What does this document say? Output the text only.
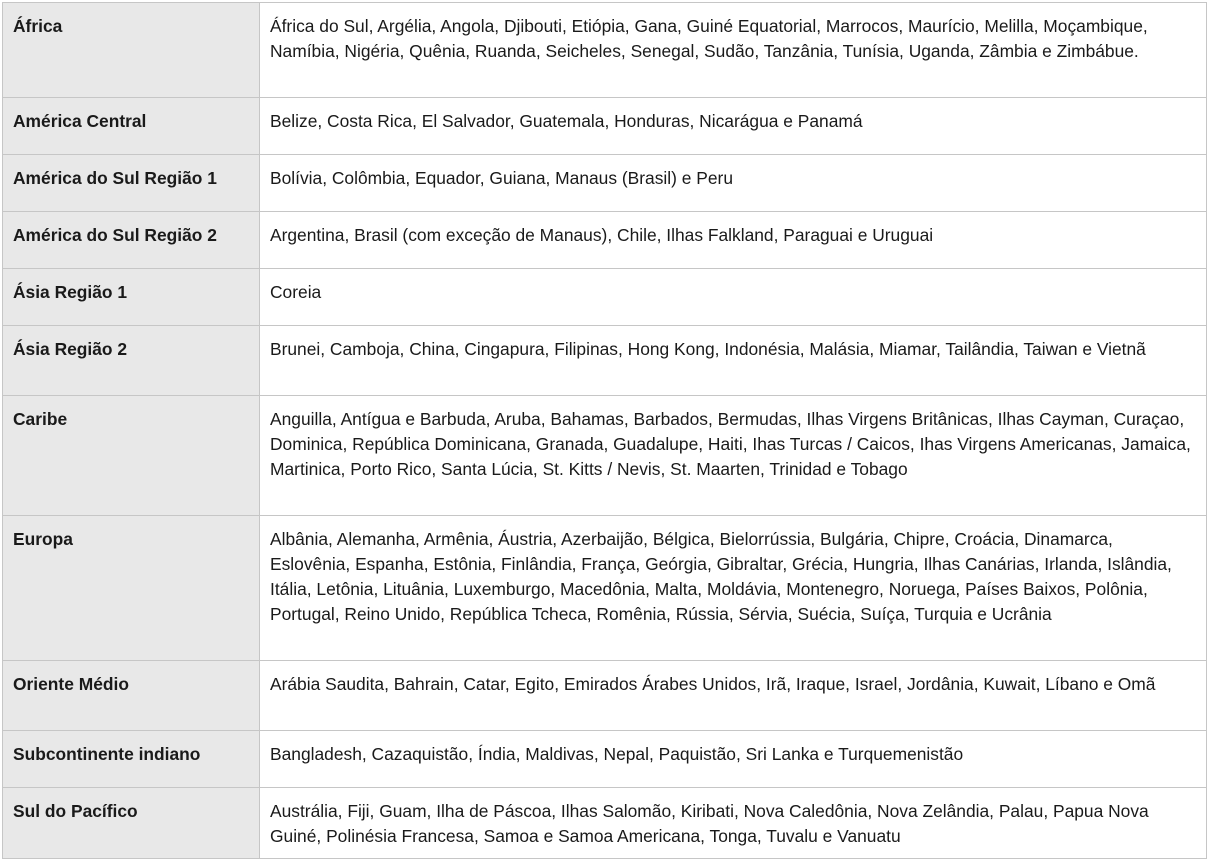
África	África do Sul, Argélia, Angola, Djibouti, Etiópia, Gana, Guiné Equatorial, Marrocos, Maurício, Melilla, Moçambique, Namíbia, Nigéria, Quênia, Ruanda, Seicheles, Senegal, Sudão, Tanzânia, Tunísia, Uganda, Zâmbia e Zimbábue.
América Central	Belize, Costa Rica, El Salvador, Guatemala, Honduras, Nicarágua e Panamá
América do Sul Região 1	Bolívia, Colômbia, Equador, Guiana, Manaus (Brasil) e Peru
América do Sul Região 2	Argentina, Brasil (com exceção de Manaus), Chile, Ilhas Falkland, Paraguai e Uruguai
Ásia Região 1	Coreia
Ásia Região 2	Brunei, Camboja, China, Cingapura, Filipinas, Hong Kong, Indonésia, Malásia, Miamar, Tailândia, Taiwan e Vietnã
Caribe	Anguilla, Antígua e Barbuda, Aruba, Bahamas, Barbados, Bermudas, Ilhas Virgens Britânicas, Ilhas Cayman, Curaçao, Dominica, República Dominicana, Granada, Guadalupe, Haiti, Ihas Turcas / Caicos, Ihas Virgens Americanas, Jamaica, Martinica, Porto Rico, Santa Lúcia, St. Kitts / Nevis, St. Maarten, Trinidad e Tobago
Europa	Albânia, Alemanha, Armênia, Áustria, Azerbaijão, Bélgica, Bielorrússia, Bulgária, Chipre, Croácia, Dinamarca, Eslovênia, Espanha, Estônia, Finlândia, França, Geórgia, Gibraltar, Grécia, Hungria, Ilhas Canárias, Irlanda, Islândia, Itália, Letônia, Lituânia, Luxemburgo, Macedônia, Malta, Moldávia, Montenegro, Noruega, Países Baixos, Polônia, Portugal, Reino Unido, República Tcheca, Romênia, Rússia, Sérvia, Suécia, Suíça, Turquia e Ucrânia
Oriente Médio	Arábia Saudita, Bahrain, Catar, Egito, Emirados Árabes Unidos, Irã, Iraque, Israel, Jordânia, Kuwait, Líbano e Omã
Subcontinente indiano	Bangladesh, Cazaquistão, Índia, Maldivas, Nepal, Paquistão, Sri Lanka e Turquemenistão
Sul do Pacífico	Austrália, Fiji, Guam, Ilha de Páscoa, Ilhas Salomão, Kiribati, Nova Caledônia, Nova Zelândia, Palau, Papua Nova Guiné, Polinésia Francesa, Samoa e Samoa Americana, Tonga, Tuvalu e Vanuatu
